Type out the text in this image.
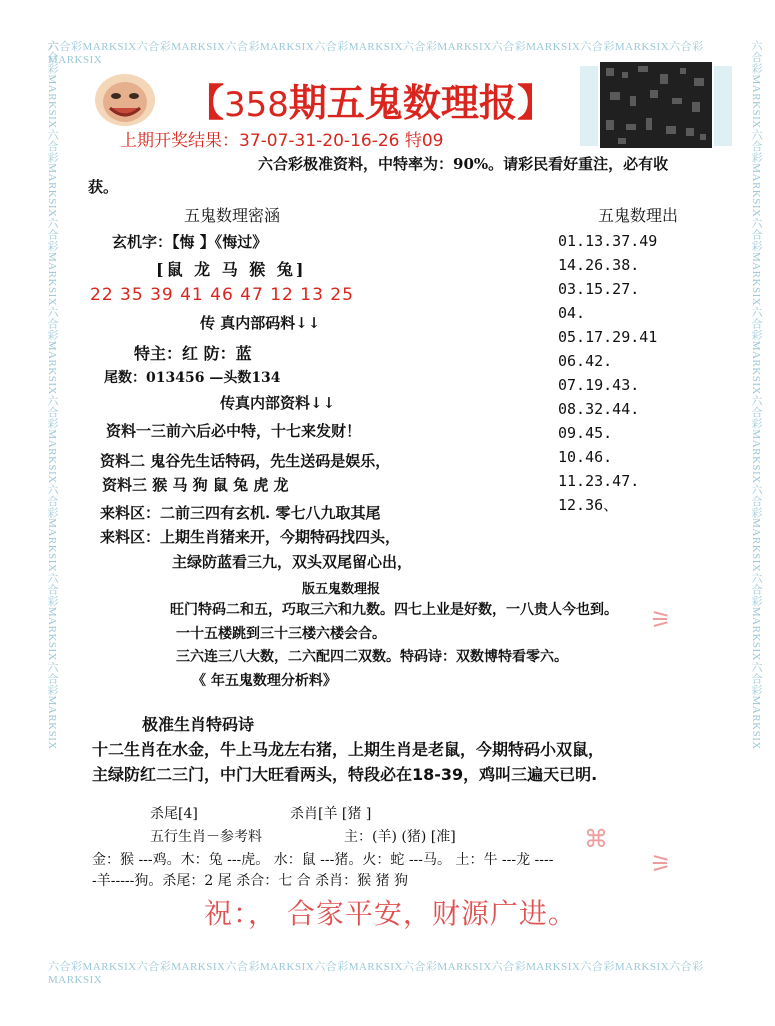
六合彩MARKSIX六合彩MARKSIX六合彩MARKSIX六合彩MARKSIX六合彩MARKSIX六合彩MARKSIX六合彩MARKSIX六合彩MARKSIX
六合彩MARKSIX六合彩MARKSIX六合彩MARKSIX六合彩MARKSIX六合彩MARKSIX六合彩MARKSIX六合彩MARKSIX六合彩MARKSIX
六合彩MARKSIX六合彩MARKSIX六合彩MARKSIX六合彩MARKSIX六合彩MARKSIX六合彩MARKSIX六合彩MARKSIX六合彩MARKSIX	六合彩MARKSIX六合彩MARKSIX六合彩MARKSIX六合彩MARKSIX六合彩MARKSIX六合彩MARKSIX六合彩MARKSIX六合彩MARKSIX
【358期五鬼数理报】
上期开奖结果：37-07-31-20-16-26 特09
六合彩极准资料，中特率为：90%。请彩民看好重注，必有收
获。
五鬼数理密涵
玄机字：【悔 】《悔过》
[鼠 龙 马 猴 兔]
22 35 39 41 46 47 12 13 25
传 真内部码料↓↓
特主：红 防：蓝
尾数：013456 —头数134
传真内部资料↓↓
资料一三前六后必中特，十七来发财！
资料二 鬼谷先生话特码，先生送码是娱乐，
资料三 猴 马 狗 鼠 兔 虎 龙
来料区：二前三四有玄机. 零七八九取其尾
来料区：上期生肖猪来开，今期特码找四头，
主绿防蓝看三九，双头双尾留心出，
版五鬼数理报
五鬼数理出
01.13.37.49
14.26.38.
03.15.27.
04.
05.17.29.41
06.42.
07.19.43.
08.32.44.
09.45.
10.46.
11.23.47.
12.36、
旺门特码二和五，巧取三六和九数。四七上业是好数，一八贵人今也到。
一十五楼跳到三十三楼六楼会合。
三六连三八大数，二六配四二双数。特码诗：双数博特看零六。
《 年五鬼数理分析料》
极准生肖特码诗
十二生肖在水金，牛上马龙左右猪，上期生肖是老鼠，今期特码小双鼠，
主绿防红二三门，中门大旺看两头，特段必在18-39，鸡叫三遍天已明.
杀尾[4]	杀肖[羊 [猪 ]
五行生肖－参考料	主：(羊) (猪) [准]
金：猴 ---鸡。木：兔 ---虎。 水：鼠 ---猪。火：蛇 ---马。 土：牛 ---龙 ----
-羊-----狗。杀尾：2 尾 杀合：七 合 杀肖：猴 猪 狗
祝：， 合家平安，财源广进。
⚞
⌘
⚞
